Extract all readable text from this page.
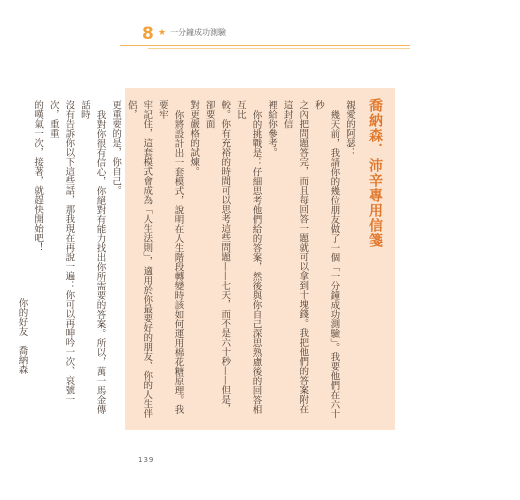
8 ★ 一分鐘成功測驗
喬納森．沛辛專用信箋

親愛的阿瑟：

幾天前，我請你的幾位朋友做了一個「一分鐘成功測驗」。我要他們在六十秒
之內把問題答完，而且每回答一題就可以拿到十塊錢。我把他們的答案附在這封信
裡給你參考。

你的挑戰是：仔細思考他們給的答案，然後與你自己深思熟慮後的回答相互比
較。你有充裕的時間可以思考這些問題——七天，而不是六十秒——但是，卻要面
對更嚴格的試煉。

你將設計出一套模式，說明在人生階段轉變時該如何運用棉花糖原理。我要牢
牢記住，這套模式會成為「人生法則」，適用於你最要好的朋友、你的人生伴侶，
更重要的是，你自己。

我對你很有信心，你絕對有能力找出你所需要的答案。所以，萬一馬金傳話時
沒有告訴你以下這些話，那我現在再說一遍：你可以再呻吟一次、哀號一次，重重
的嘆氣一次，接著，就趕快開始吧！

你的好友　喬納森

139
